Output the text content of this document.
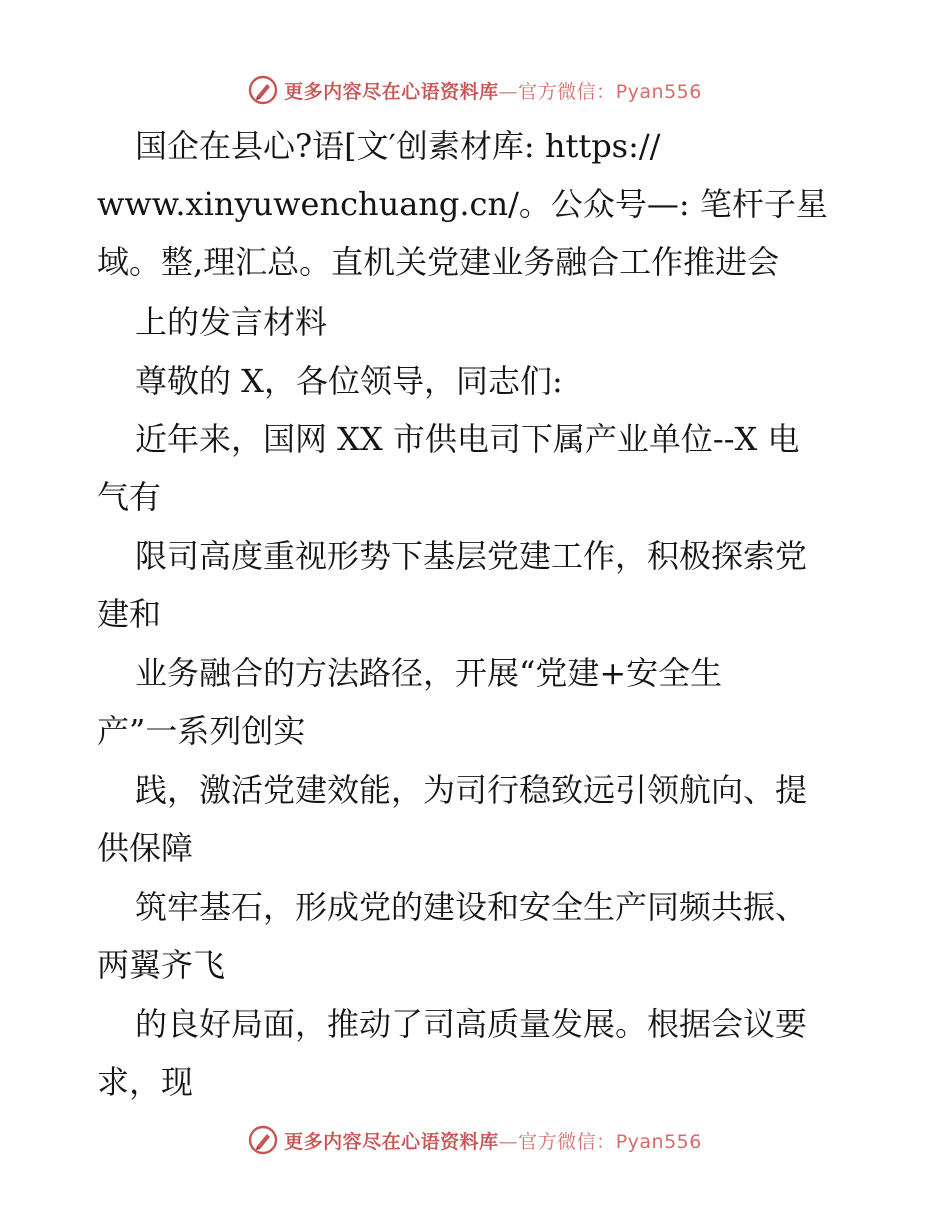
更多内容尽在心语资料库—官方微信：Pyan556
国企在县心?语[文′创素材库: https://
www.xinyuwenchuang.cn/。公众号—: 笔杆子星
域。整,理汇总。直机关党建业务融合工作推进会
上的发言材料
尊敬的 X，各位领导，同志们:
近年来，国网 XX 市供电司下属产业单位--X 电
气有
限司高度重视形势下基层党建工作，积极探索党
建和
业务融合的方法路径，开展“党建+安全生
产”一系列创实
践，激活党建效能，为司行稳致远引领航向、提
供保障
筑牢基石，形成党的建设和安全生产同频共振、
两翼齐飞
的良好局面，推动了司高质量发展。根据会议要
求，现
更多内容尽在心语资料库—官方微信：Pyan556
